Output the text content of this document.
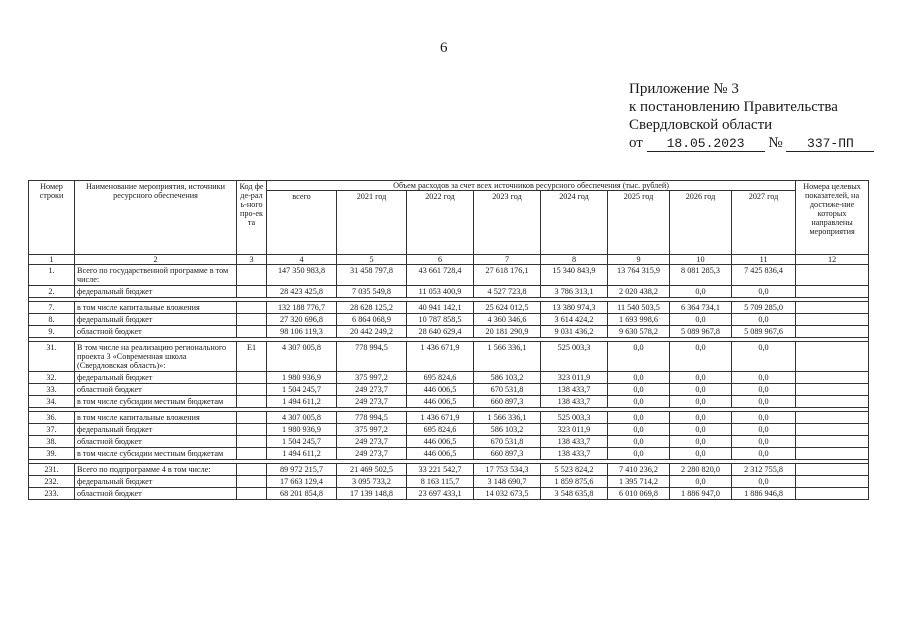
6
Приложение № 3
к постановлению Правительства
Свердловской области
от 18.05.2023 № 337-ПП
Номер строки	Наименование мероприятия, источники ресурсного обеспечения	Код феде-раль-ного про-екта	Объем расходов за счет всех источников ресурсного обеспечения (тыс. рублей)								Номера целевых показателей, на достиже-ние которых направлены мероприятия
			всего	2021 год	2022 год	2023 год	2024 год	2025 год	2026 год	2027 год	
1	2	3	4	5	6	7	8	9	10	11	12
1.	Всего по государственной программе в том числе:		147 350 983,8	31 458 797,8	43 661 728,4	27 618 176,1	15 340 843,9	13 764 315,9	8 081 285,3	7 425 836,4	
2.	федеральный бюджет		28 423 425,8	7 035 549,8	11 053 400,9	4 527 723,8	3 786 313,1	2 020 438,2	0,0	0,0	

7.	в том числе капитальные вложения		132 188 776,7	28 628 125,2	40 941 142,1	25 624 012,5	13 380 974,3	11 540 503,5	6 364 734,1	5 709 285,0	
8.	федеральный бюджет		27 320 696,8	6 864 068,9	10 787 858,5	4 360 346,6	3 614 424,2	1 693 998,6	0,0	0,0	
9.	областной бюджет		98 106 119,3	20 442 249,2	28 640 629,4	20 181 290,9	9 031 436,2	9 630 578,2	5 089 967,8	5 089 967,6	

31.	В том числе на реализацию регионального проекта 3 «Современная школа (Свердловская область)»:	E1	4 307 005,8	778 994,5	1 436 671,9	1 566 336,1	525 003,3	0,0	0,0	0,0	
32.	федеральный бюджет		1 980 936,9	375 997,2	695 824,6	586 103,2	323 011,9	0,0	0,0	0,0	
33.	областной бюджет		1 504 245,7	249 273,7	446 006,5	670 531,8	138 433,7	0,0	0,0	0,0	
34.	в том числе субсидии местным бюджетам		1 494 611,2	249 273,7	446 006,5	660 897,3	138 433,7	0,0	0,0	0,0	

36.	в том числе капитальные вложения		4 307 005,8	778 994,5	1 436 671,9	1 566 336,1	525 003,3	0,0	0,0	0,0	
37.	федеральный бюджет		1 980 936,9	375 997,2	695 824,6	586 103,2	323 011,9	0,0	0,0	0,0	
38.	областной бюджет		1 504 245,7	249 273,7	446 006,5	670 531,8	138 433,7	0,0	0,0	0,0	
39.	в том числе субсидии местным бюджетам		1 494 611,2	249 273,7	446 006,5	660 897,3	138 433,7	0,0	0,0	0,0	

231.	Всего по подпрограмме 4 в том числе:		89 972 215,7	21 469 502,5	33 221 542,7	17 753 534,3	5 523 824,2	7 410 236,2	2 280 820,0	2 312 755,8	
232.	федеральный бюджет		17 663 129,4	3 095 733,2	8 163 115,7	3 148 690,7	1 859 875,6	1 395 714,2	0,0	0,0	
233.	областной бюджет		68 201 854,8	17 139 148,8	23 697 433,1	14 032 673,5	3 548 635,8	6 010 069,8	1 886 947,0	1 886 946,8	
